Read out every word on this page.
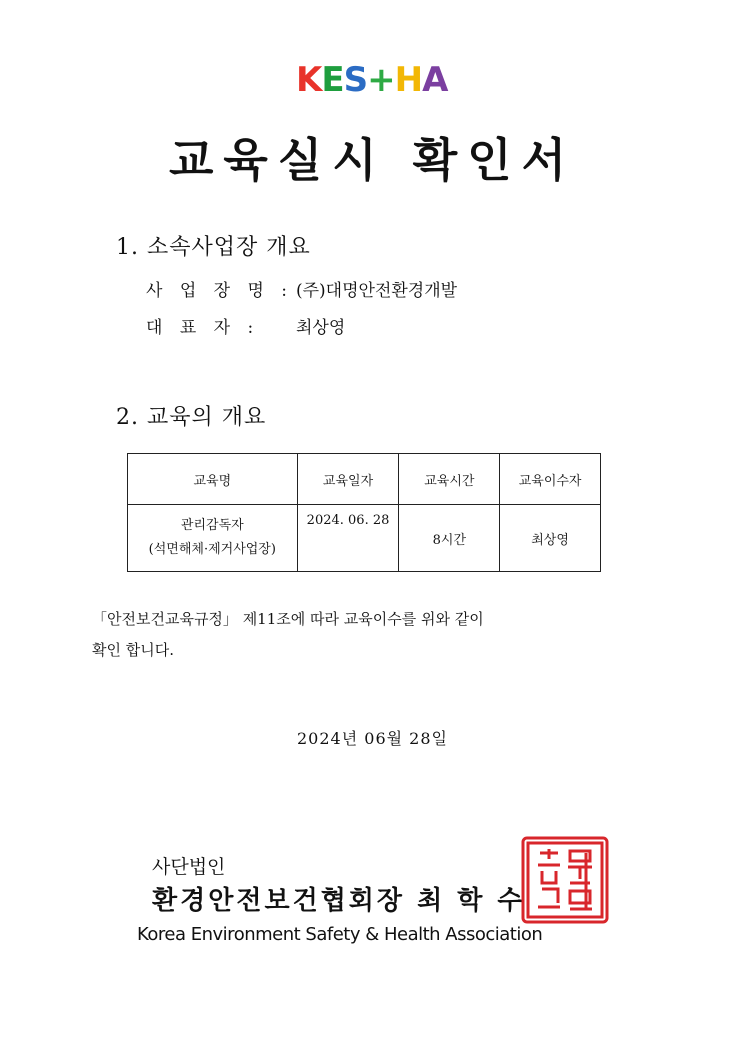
K E S + H A
교육실시 확인서
1. 소속사업장 개요
사 업 장 명 : (주)대명안전환경개발
대 표 자 :	최상영
2. 교육의 개요
교육명	교육일자	교육시간	교육이수자

관리감독자
(석면해체·제거사업장)	2024. 06. 28	8시간	최상영
「안전보건교육규정」 제11조에 따라 교육이수를 위와 같이
확인 합니다.
2024년 06월 28일
사단법인
환경안전보건협회장 최 학 수
Korea Environment Safety & Health Association
